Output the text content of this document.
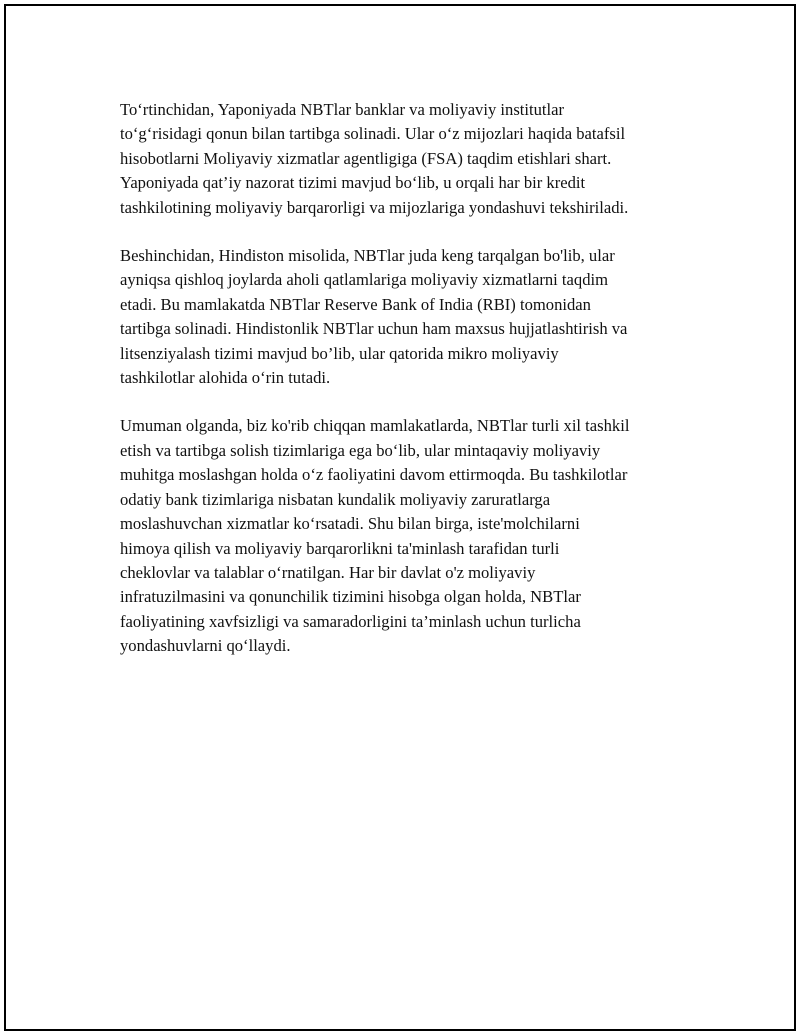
To‘rtinchidan, Yaponiyada NBTlar banklar va moliyaviy institutlar
to‘g‘risidagi qonun bilan tartibga solinadi. Ular o‘z mijozlari haqida batafsil
hisobotlarni Moliyaviy xizmatlar agentligiga (FSA) taqdim etishlari shart.
Yaponiyada qat’iy nazorat tizimi mavjud bo‘lib, u orqali har bir kredit
tashkilotining moliyaviy barqarorligi va mijozlariga yondashuvi tekshiriladi.

Beshinchidan, Hindiston misolida, NBTlar juda keng tarqalgan bo'lib, ular
ayniqsa qishloq joylarda aholi qatlamlariga moliyaviy xizmatlarni taqdim
etadi. Bu mamlakatda NBTlar Reserve Bank of India (RBI) tomonidan
tartibga solinadi. Hindistonlik NBTlar uchun ham maxsus hujjatlashtirish va
litsenziyalash tizimi mavjud bo’lib, ular qatorida mikro moliyaviy
tashkilotlar alohida o‘rin tutadi.

Umuman olganda, biz ko'rib chiqqan mamlakatlarda, NBTlar turli xil tashkil
etish va tartibga solish tizimlariga ega bo‘lib, ular mintaqaviy moliyaviy
muhitga moslashgan holda o‘z faoliyatini davom ettirmoqda. Bu tashkilotlar
odatiy bank tizimlariga nisbatan kundalik moliyaviy zaruratlarga
moslashuvchan xizmatlar ko‘rsatadi. Shu bilan birga, iste'molchilarni
himoya qilish va moliyaviy barqarorlikni ta'minlash tarafidan turli
cheklovlar va talablar o‘rnatilgan. Har bir davlat o'z moliyaviy
infratuzilmasini va qonunchilik tizimini hisobga olgan holda, NBTlar
faoliyatining xavfsizligi va samaradorligini ta’minlash uchun turlicha
yondashuvlarni qo‘llaydi.
